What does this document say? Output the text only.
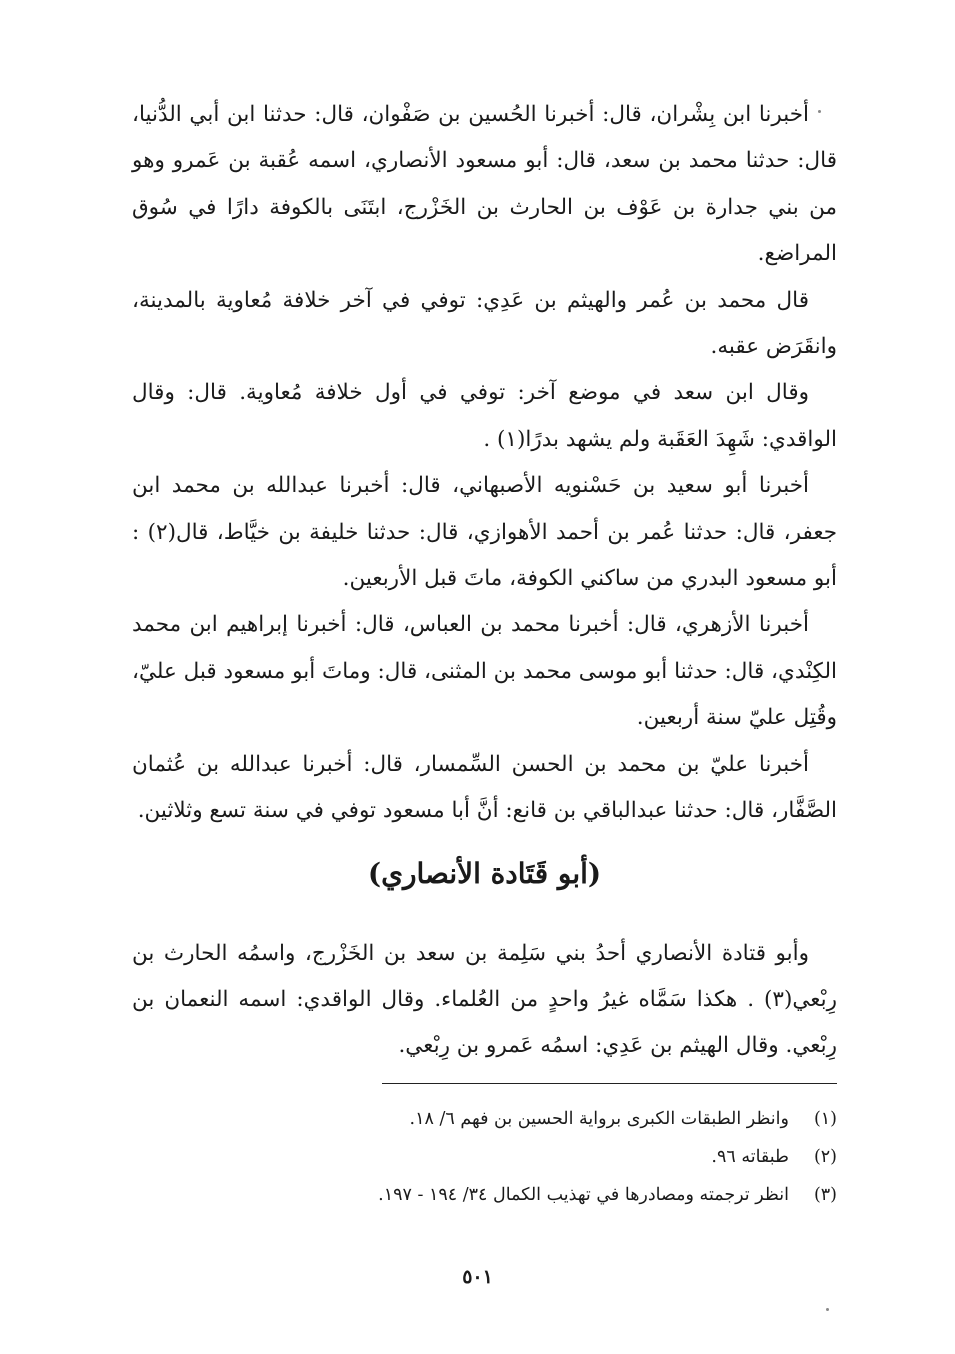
أخبرنا ابن بِشْران، قال: أخبرنا الحُسين بن صَفْوان، قال: حدثنا ابن أبي الدُّنيا، قال: حدثنا محمد بن سعد، قال: أبو مسعود الأنصاري، اسمه عُقبة بن عَمرو وهو من بني جدارة بن عَوْف بن الحارث بن الخَزْرج، ابتَنَى بالكوفة دارًا في سُوق المراضع.

قال محمد بن عُمر والهيثم بن عَدِي: توفي في آخر خلافة مُعاوية بالمدينة، وانقَرَض عقبه.

وقال ابن سعد في موضع آخر: توفي في أول خلافة مُعاوية. قال: وقال الواقدي: شَهِدَ العَقَبة ولم يشهد بدرًا(١) .

أخبرنا أبو سعيد بن حَسْنويه الأصبهاني، قال: أخبرنا عبدالله بن محمد ابن جعفر، قال: حدثنا عُمر بن أحمد الأهوازي، قال: حدثنا خليفة بن خيَّاط، قال(٢) : أبو مسعود البدري من ساكني الكوفة، ماتَ قبل الأربعين.

أخبرنا الأزهري، قال: أخبرنا محمد بن العباس، قال: أخبرنا إبراهيم ابن محمد الكِنْدي، قال: حدثنا أبو موسى محمد بن المثنى، قال: وماتَ أبو مسعود قبل عليّ، وقُتِل عليّ سنة أربعين.

أخبرنا عليّ بن محمد بن الحسن السِّمسار، قال: أخبرنا عبدالله بن عُثمان الصَّفَّار، قال: حدثنا عبدالباقي بن قانع: أنَّ أبا مسعود توفي في سنة تسع وثلاثين.

(أبو قَتَادة الأنصاري)

وأبو قتادة الأنصاري أحدُ بني سَلِمة بن سعد بن الخَزْرج، واسمُه الحارث بن رِبْعي(٣) . هكذا سَمَّاه غيرُ واحدٍ من العُلماء. وقال الواقدي: اسمه النعمان بن رِبْعي. وقال الهيثم بن عَدِي: اسمُه عَمرو بن رِبْعي.

(١)
وانظر الطبقات الكبرى برواية الحسين بن فهم ٦/ ١٨.
(٢)
طبقاته ٩٦.
(٣)
انظر ترجمته ومصادرها في تهذيب الكمال ٣٤/ ١٩٤ - ١٩٧.
٥٠١
